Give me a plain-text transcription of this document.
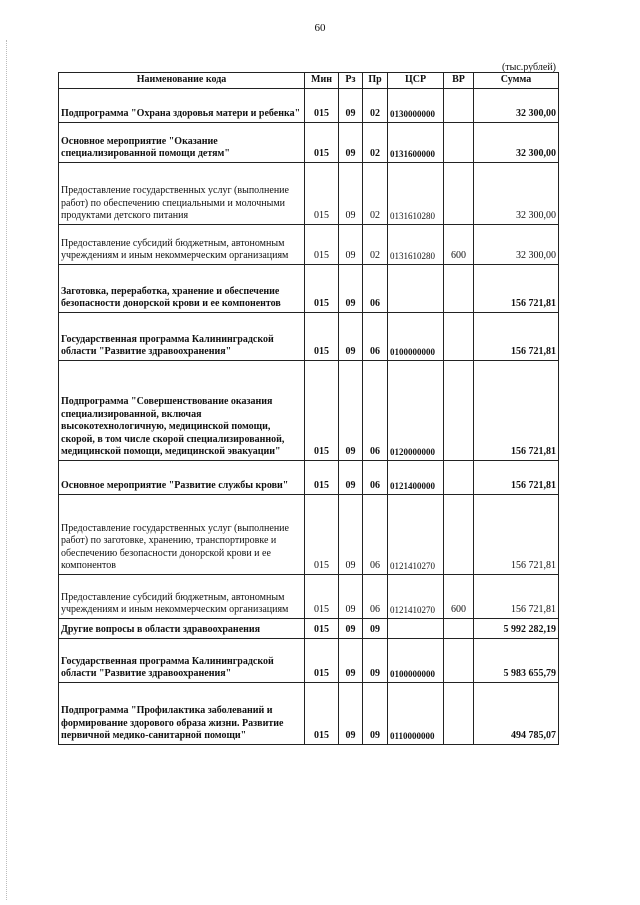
60
(тыс.рублей)
Наименование кода	Мин	Рз	Пр	ЦСР	ВР	Сумма
Подпрограмма "Охрана здоровья матери и ребенка"	015	09	02	0130000000		32 300,00
Основное мероприятие "Оказание специализированной помощи детям"	015	09	02	0131600000		32 300,00
Предоставление государственных услуг (выполнение работ) по обеспечению специальными и молочными продуктами детского питания	015	09	02	0131610280		32 300,00
Предоставление субсидий бюджетным, автономным учреждениям и иным некоммерческим организациям	015	09	02	0131610280	600	32 300,00
Заготовка, переработка, хранение и обеспечение безопасности донорской крови и ее компонентов	015	09	06			156 721,81
Государственная программа Калининградской области "Развитие здравоохранения"	015	09	06	0100000000		156 721,81
Подпрограмма "Совершенствование оказания специализированной, включая высокотехнологичную, медицинской помощи, скорой, в том числе скорой специализированной, медицинской помощи, медицинской эвакуации"	015	09	06	0120000000		156 721,81
Основное мероприятие "Развитие службы крови"	015	09	06	0121400000		156 721,81
Предоставление государственных услуг (выполнение работ) по заготовке, хранению, транспортировке и обеспечению безопасности донорской крови и ее компонентов	015	09	06	0121410270		156 721,81
Предоставление субсидий бюджетным, автономным учреждениям и иным некоммерческим организациям	015	09	06	0121410270	600	156 721,81
Другие вопросы в области здравоохранения	015	09	09			5 992 282,19
Государственная программа Калининградской области "Развитие здравоохранения"	015	09	09	0100000000		5 983 655,79
Подпрограмма "Профилактика заболеваний и формирование здорового образа жизни. Развитие первичной медико-санитарной помощи"	015	09	09	0110000000		494 785,07
